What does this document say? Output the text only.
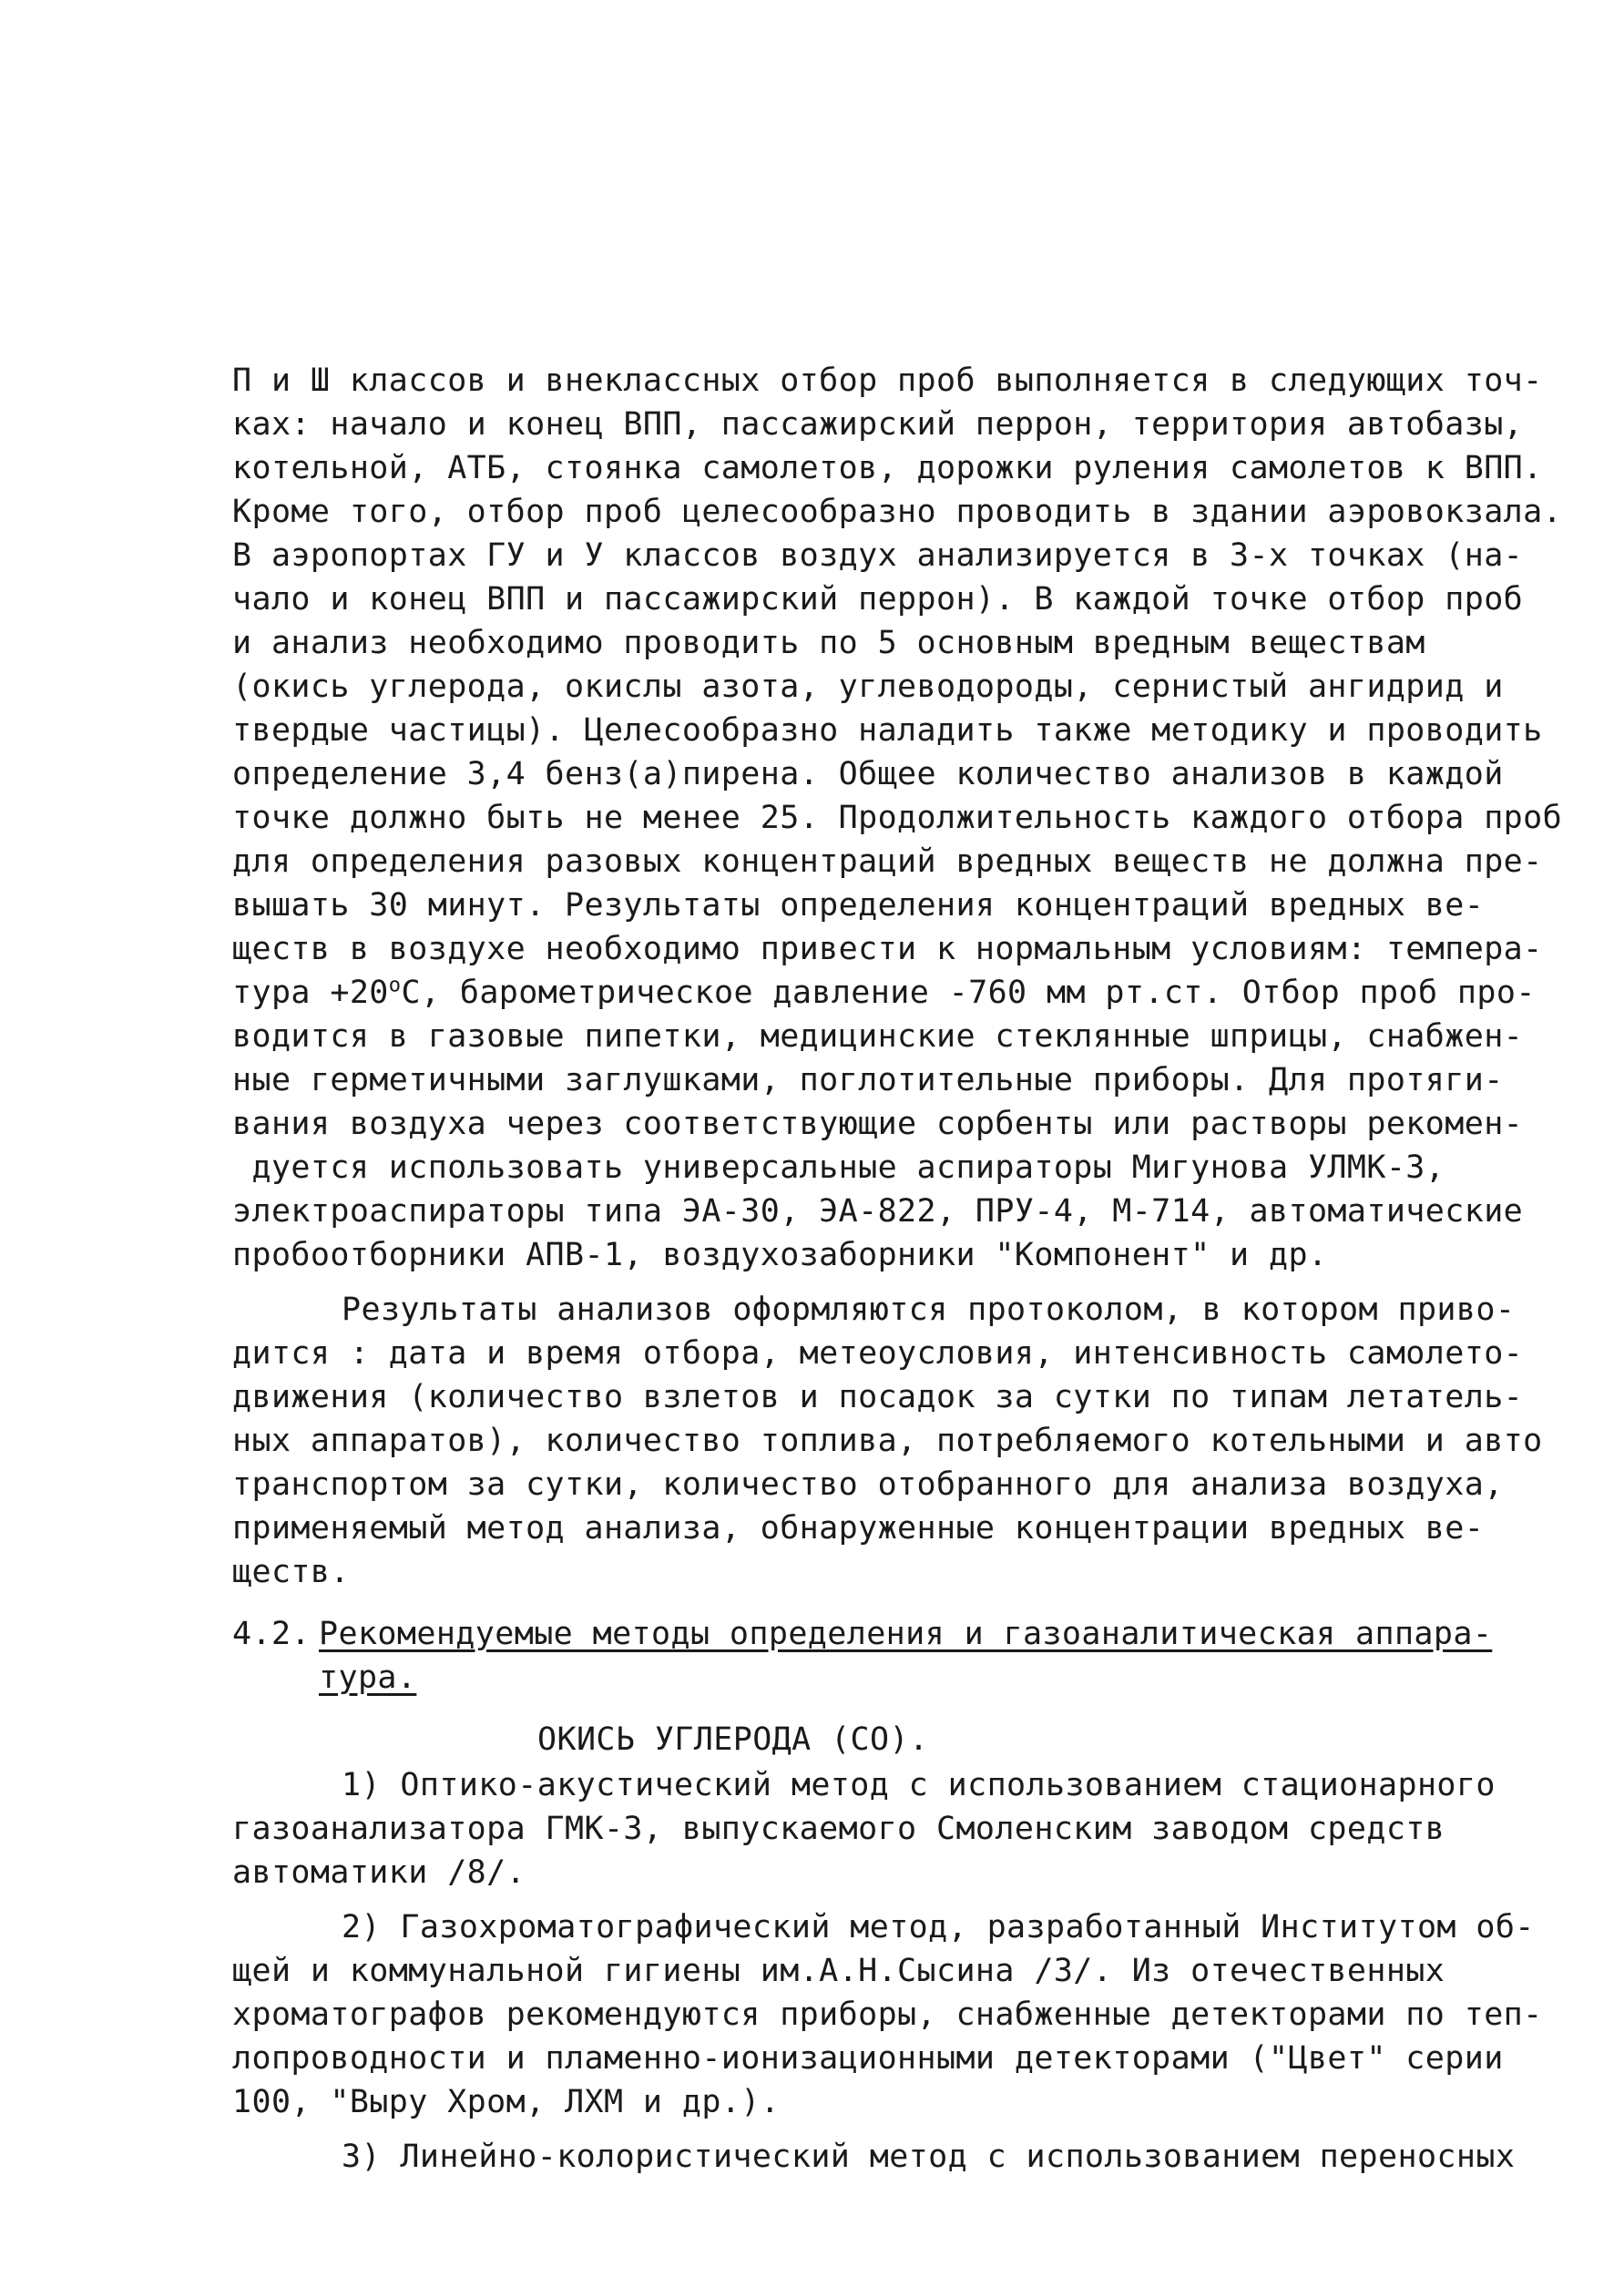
П и Ш классов и внеклассных отбор проб выполняется в следующих точ-
ках: начало и конец ВПП, пассажирский перрон, территория автобазы,
котельной, АТБ, стоянка самолетов, дорожки руления самолетов к ВПП.
Кроме того, отбор проб целесообразно проводить в здании аэровокзала.
В аэропортах ГУ и У классов воздух анализируется в 3-х точках (на-
чало и конец ВПП и пассажирский перрон). В каждой точке отбор проб
и анализ необходимо проводить по 5 основным вредным веществам
(окись углерода, окислы азота, углеводороды, сернистый ангидрид и
твердые частицы). Целесообразно наладить также методику и проводить
определение 3,4 бенз(а)пирена. Общее количество анализов в каждой
точке должно быть не менее 25. Продолжительность каждого отбора проб
для определения разовых концентраций вредных веществ не должна пре-
вышать 30 минут. Результаты определения концентраций вредных ве-
ществ в воздухе необходимо привести к нормальным условиям: темпера-
тура $+20^оС$, барометрическое давление -760 мм рт.ст. Отбор проб про-
водится в газовые пипетки, медицинские стеклянные шприцы, снабжен-
ные герметичными заглушками, поглотительные приборы. Для протяги-
вания воздуха через соответствующие сорбенты или растворы рекомен-
дуется использовать универсальные аспираторы Мигунова УЛМК-3,
электроаспираторы типа ЭА-30, ЭА-822, ПРУ-4, М-714, автоматические
пробоотборники АПВ-1, воздухозаборники "Компонент" и др.
Результаты анализов оформляются протоколом, в котором приво-
дится : дата и время отбора, метеоусловия, интенсивность самолето-
движения (количество взлетов и посадок за сутки по типам летатель-
ных аппаратов), количество топлива, потребляемого котельными и авто
транспортом за сутки, количество отобранного для анализа воздуха,
применяемый метод анализа, обнаруженные концентрации вредных ве-
ществ.
4.2. Рекомендуемые методы определения и газоаналитическая аппара-
тура.
ОКИСЬ УГЛЕРОДА (СО).
1) Оптико-акустический метод с использованием стационарного
газоанализатора ГМК-3, выпускаемого Смоленским заводом средств
автоматики /8/.
2) Газохроматографический метод, разработанный Институтом об-
щей и коммунальной гигиены им.А.Н.Сысина /3/. Из отечественных
хроматографов рекомендуются приборы, снабженные детекторами по теп-
лопроводности и пламенно-ионизационными детекторами ("Цвет" серии
100, "Выру Хром, ЛХМ и др.).
3) Линейно-колористический метод с использованием переносных
